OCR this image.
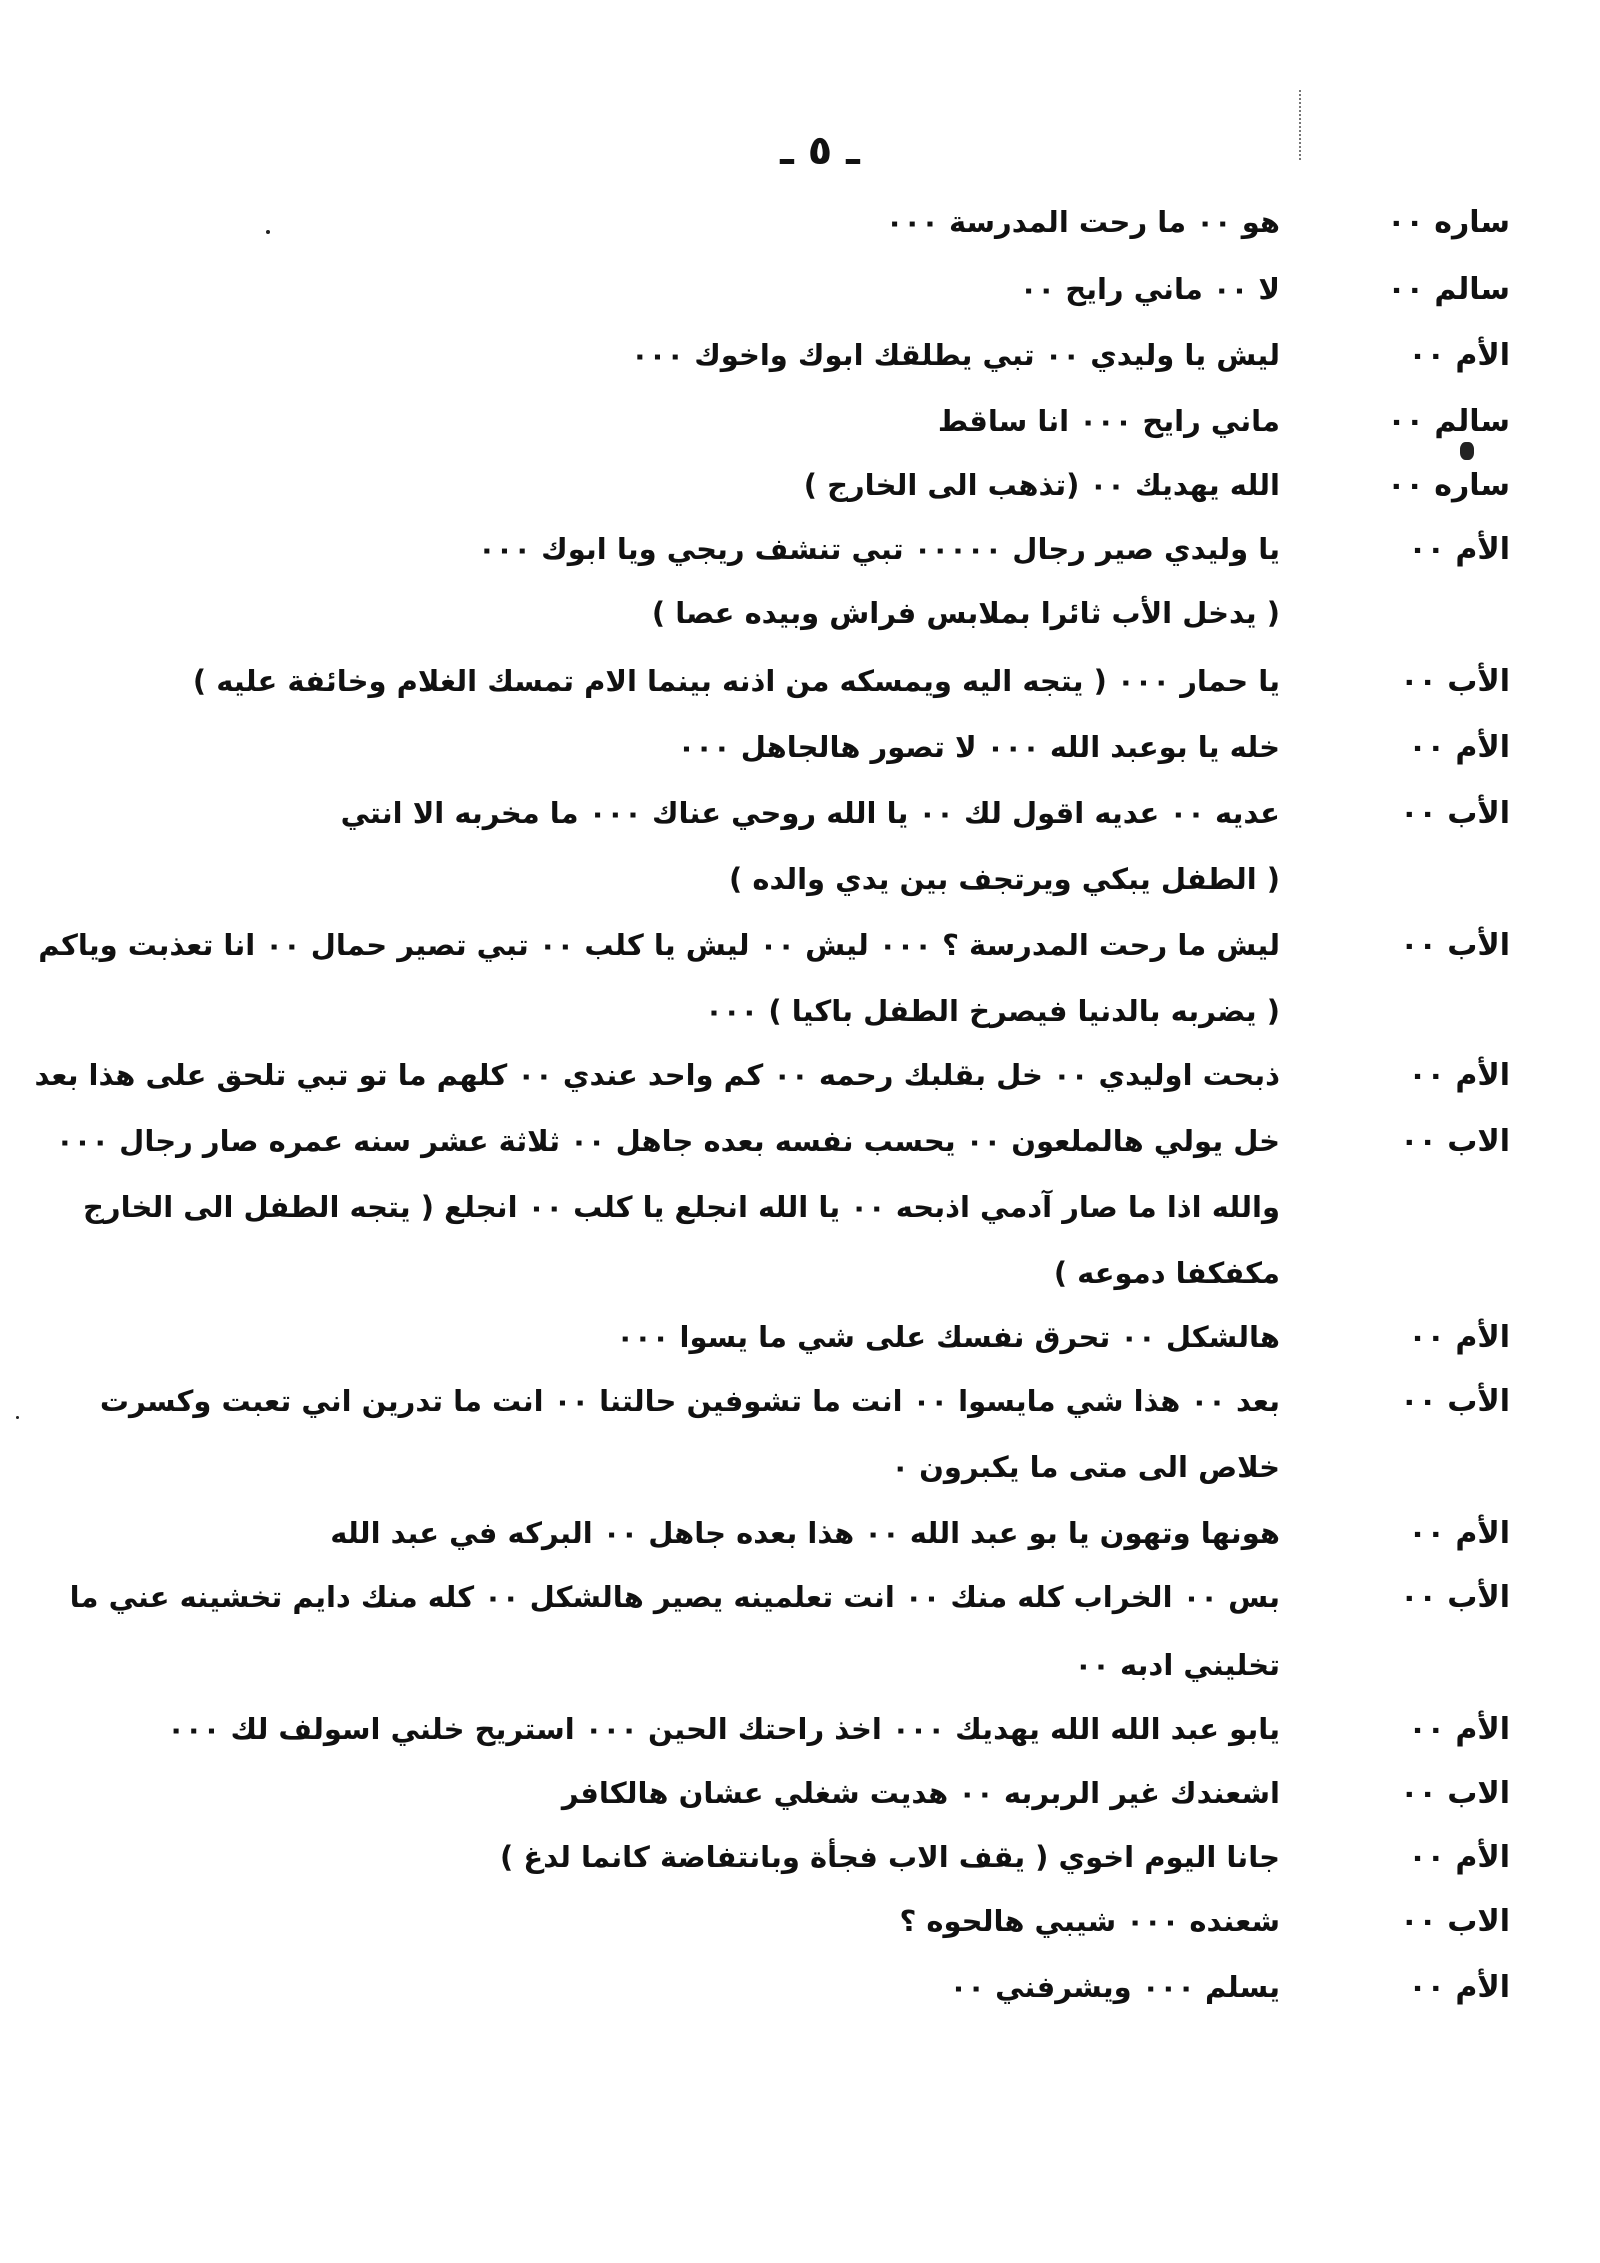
ـ ٥ ـ
ساره ٠٠
هو ٠٠ ما رحت المدرسة ٠٠٠
سالم ٠٠
لا ٠٠ ماني رايح ٠٠
الأم ٠٠
ليش يا وليدي ٠٠ تبي يطلقك ابوك واخوك ٠٠٠
سالم ٠٠
ماني رايح ٠٠٠ انا ساقط
ساره ٠٠
الله يهديك ٠٠ (تذهب الى الخارج )
الأم ٠٠
يا وليدي صير رجال ٠٠٠٠٠ تبي تنشف ريجي ويا ابوك ٠٠٠
( يدخل الأب ثائرا بملابس فراش وبيده عصا )
الأب ٠٠
يا حمار ٠٠٠ ( يتجه اليه ويمسكه من اذنه بينما الام تمسك الغلام وخائفة عليه )
الأم ٠٠
خله يا بوعبد الله ٠٠٠ لا تصور هالجاهل ٠٠٠
الأب ٠٠
عديه ٠٠ عديه اقول لك ٠٠ يا الله روحي عناك ٠٠٠ ما مخربه الا انتي
( الطفل يبكي ويرتجف بين يدي والده )
الأب ٠٠
ليش ما رحت المدرسة ؟ ٠٠٠ ليش ٠٠ ليش يا كلب ٠٠ تبي تصير حمال ٠٠ انا تعذبت وياكم
( يضربه بالدنيا فيصرخ الطفل باكيا ) ٠٠٠
الأم ٠٠
ذبحت اوليدي ٠٠ خل بقلبك رحمه ٠٠ كم واحد عندي ٠٠ كلهم ما تو تبي تلحق على هذا بعد
الاب ٠٠
خل يولي هالملعون ٠٠ يحسب نفسه بعده جاهل ٠٠ ثلاثة عشر سنه عمره صار رجال ٠٠٠
والله اذا ما صار آدمي اذبحه ٠٠ يا الله انجلع يا كلب ٠٠ انجلع ( يتجه الطفل الى الخارج
مكفكفا دموعه )
الأم ٠٠
هالشكل ٠٠ تحرق نفسك على شي ما يسوا ٠٠٠
الأب ٠٠
بعد ٠٠ هذا شي مايسوا ٠٠ انت ما تشوفين حالتنا ٠٠ انت ما تدرين اني تعبت وكسرت
خلاص الى متى ما يكبرون ٠
الأم ٠٠
هونها وتهون يا بو عبد الله ٠٠ هذا بعده جاهل ٠٠ البركه في عبد الله
الأب ٠٠
بس ٠٠ الخراب كله منك ٠٠ انت تعلمينه يصير هالشكل ٠٠ كله منك دايم تخشينه عني ما
تخليني ادبه ٠٠
الأم ٠٠
يابو عبد الله الله يهديك ٠٠٠ اخذ راحتك الحين ٠٠٠ استريح خلني اسولف لك ٠٠٠
الاب ٠٠
اشعندك غير الربربه ٠٠ هديت شغلي عشان هالكافر
الأم ٠٠
جانا اليوم اخوي ( يقف الاب فجأة وبانتفاضة كانما لدغ )
الاب ٠٠
شعنده ٠٠٠ شيبي هالحوه ؟
الأم ٠٠
يسلم ٠٠٠ ويشرفني ٠٠
